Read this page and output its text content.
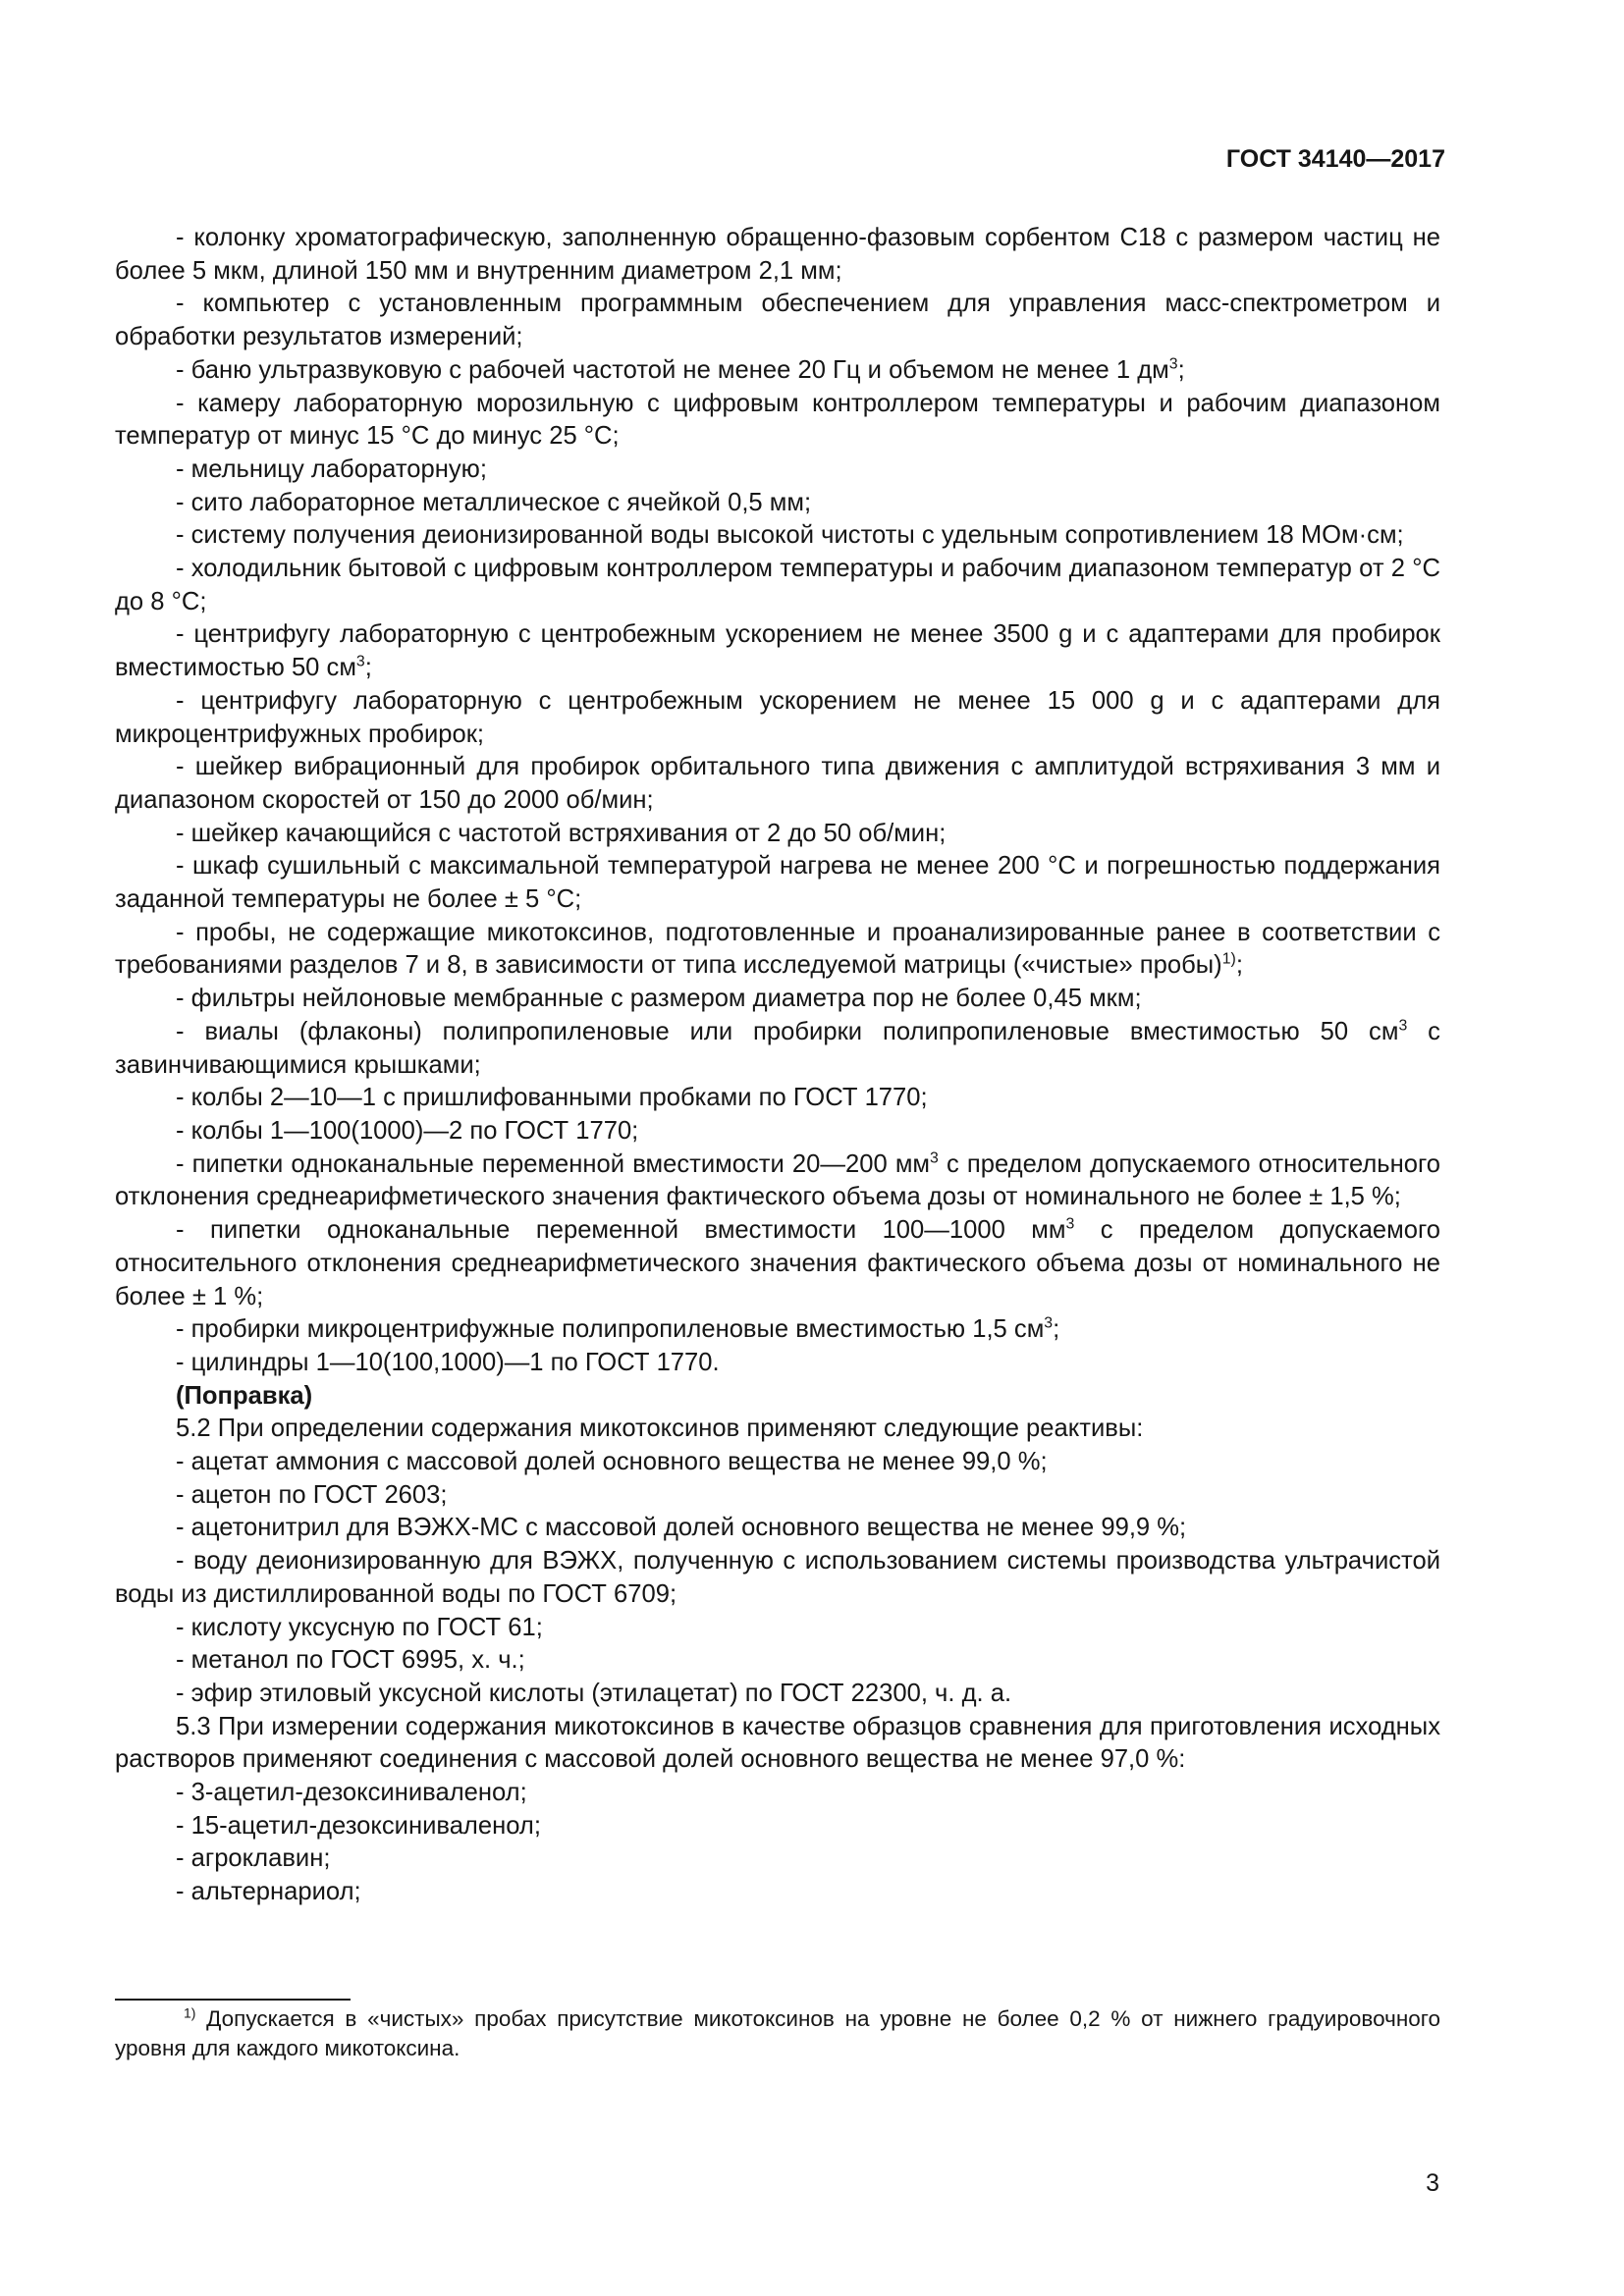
ГОСТ 34140—2017

- колонку хроматографическую, заполненную обращенно-фазовым сорбентом С18 с размером частиц не более 5 мкм, длиной 150 мм и внутренним диаметром 2,1 мм;

- компьютер с установленным программным обеспечением для управления масс-спектрометром и обработки результатов измерений;

- баню ультразвуковую с рабочей частотой не менее 20 Гц и объемом не менее 1 $дм^3$;

- камеру лабораторную морозильную с цифровым контроллером температуры и рабочим диапазоном температур от минус 15 °С до минус 25 °С;

- мельницу лабораторную;

- сито лабораторное металлическое с ячейкой 0,5 мм;

- систему получения деионизированной воды высокой чистоты с удельным сопротивлением 18 МОм·см;

- холодильник бытовой с цифровым контроллером температуры и рабочим диапазоном температур от 2 °С до 8 °С;

- центрифугу лабораторную с центробежным ускорением не менее 3500 g и с адаптерами для пробирок вместимостью 50 $см^3$;

- центрифугу лабораторную с центробежным ускорением не менее 15 000 g и с адаптерами для микроцентрифужных пробирок;

- шейкер вибрационный для пробирок орбитального типа движения с амплитудой встряхивания 3 мм и диапазоном скоростей от 150 до 2000 об/мин;

- шейкер качающийся с частотой встряхивания от 2 до 50 об/мин;

- шкаф сушильный с максимальной температурой нагрева не менее 200 °С и погрешностью поддержания заданной температуры не более ± 5 °С;

- пробы, не содержащие микотоксинов, подготовленные и проанализированные ранее в соответствии с требованиями разделов 7 и 8, в зависимости от типа исследуемой матрицы («чистые» пробы)$^{1)}$;

- фильтры нейлоновые мембранные с размером диаметра пор не более 0,45 мкм;

- виалы (флаконы) полипропиленовые или пробирки полипропиленовые вместимостью 50 $см^3$ с завинчивающимися крышками;

- колбы 2—10—1 с пришлифованными пробками по ГОСТ 1770;

- колбы 1—100(1000)—2 по ГОСТ 1770;

- пипетки одноканальные переменной вместимости 20—200 $мм^3$ с пределом допускаемого относительного отклонения среднеарифметического значения фактического объема дозы от номинального не более ± 1,5 %;

- пипетки одноканальные переменной вместимости 100—1000 $мм^3$ с пределом допускаемого относительного отклонения среднеарифметического значения фактического объема дозы от номинального не более ± 1 %;

- пробирки микроцентрифужные полипропиленовые вместимостью 1,5 $см^3$;

- цилиндры 1—10(100,1000)—1 по ГОСТ 1770.

(Поправка)

5.2 При определении содержания микотоксинов применяют следующие реактивы:

- ацетат аммония с массовой долей основного вещества не менее 99,0 %;

- ацетон по ГОСТ 2603;

- ацетонитрил для ВЭЖХ-МС с массовой долей основного вещества не менее 99,9 %;

- воду деионизированную для ВЭЖХ, полученную с использованием системы производства ультрачистой воды из дистиллированной воды по ГОСТ 6709;

- кислоту уксусную по ГОСТ 61;

- метанол по ГОСТ 6995, х. ч.;

- эфир этиловый уксусной кислоты (этилацетат) по ГОСТ 22300, ч. д. а.

5.3 При измерении содержания микотоксинов в качестве образцов сравнения для приготовления исходных растворов применяют соединения с массовой долей основного вещества не менее 97,0 %:

- 3-ацетил-дезоксиниваленол;

- 15-ацетил-дезоксиниваленол;

- агроклавин;

- альтернариол;

$^{1)}$ Допускается в «чистых» пробах присутствие микотоксинов на уровне не более 0,2 % от нижнего градуировочного уровня для каждого микотоксина.

3
